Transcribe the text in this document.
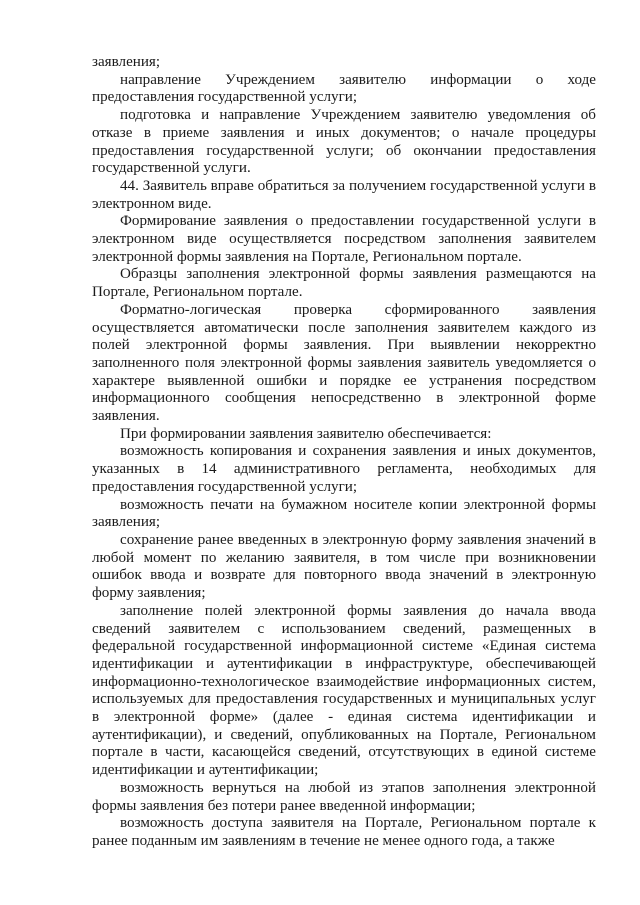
заявления;

направление Учреждением заявителю информации о ходе предоставления государственной услуги;

подготовка и направление Учреждением заявителю уведомления об отказе в приеме заявления и иных документов; о начале процедуры предоставления государственной услуги; об окончании предоставления государственной услуги.

44. Заявитель вправе обратиться за получением государственной услуги в электронном виде.

Формирование заявления о предоставлении государственной услуги в электронном виде осуществляется посредством заполнения заявителем электронной формы заявления на Портале, Региональном портале.

Образцы заполнения электронной формы заявления размещаются на Портале, Региональном портале.

Форматно-логическая проверка сформированного заявления осуществляется автоматически после заполнения заявителем каждого из полей электронной формы заявления. При выявлении некорректно заполненного поля электронной формы заявления заявитель уведомляется о характере выявленной ошибки и порядке ее устранения посредством информационного сообщения непосредственно в электронной форме заявления.

При формировании заявления заявителю обеспечивается:

возможность копирования и сохранения заявления и иных документов, указанных в 14 административного регламента, необходимых для предоставления государственной услуги;

возможность печати на бумажном носителе копии электронной формы заявления;

сохранение ранее введенных в электронную форму заявления значений в любой момент по желанию заявителя, в том числе при возникновении ошибок ввода и возврате для повторного ввода значений в электронную форму заявления;

заполнение полей электронной формы заявления до начала ввода сведений заявителем с использованием сведений, размещенных в федеральной государственной информационной системе «Единая система идентификации и аутентификации в инфраструктуре, обеспечивающей информационно-технологическое взаимодействие информационных систем, используемых для предоставления государственных и муниципальных услуг в электронной форме» (далее - единая система идентификации и аутентификации), и сведений, опубликованных на Портале, Региональном портале в части, касающейся сведений, отсутствующих в единой системе идентификации и аутентификации;

возможность вернуться на любой из этапов заполнения электронной формы заявления без потери ранее введенной информации;

возможность доступа заявителя на Портале, Региональном портале к ранее поданным им заявлениям в течение не менее одного года, а также
